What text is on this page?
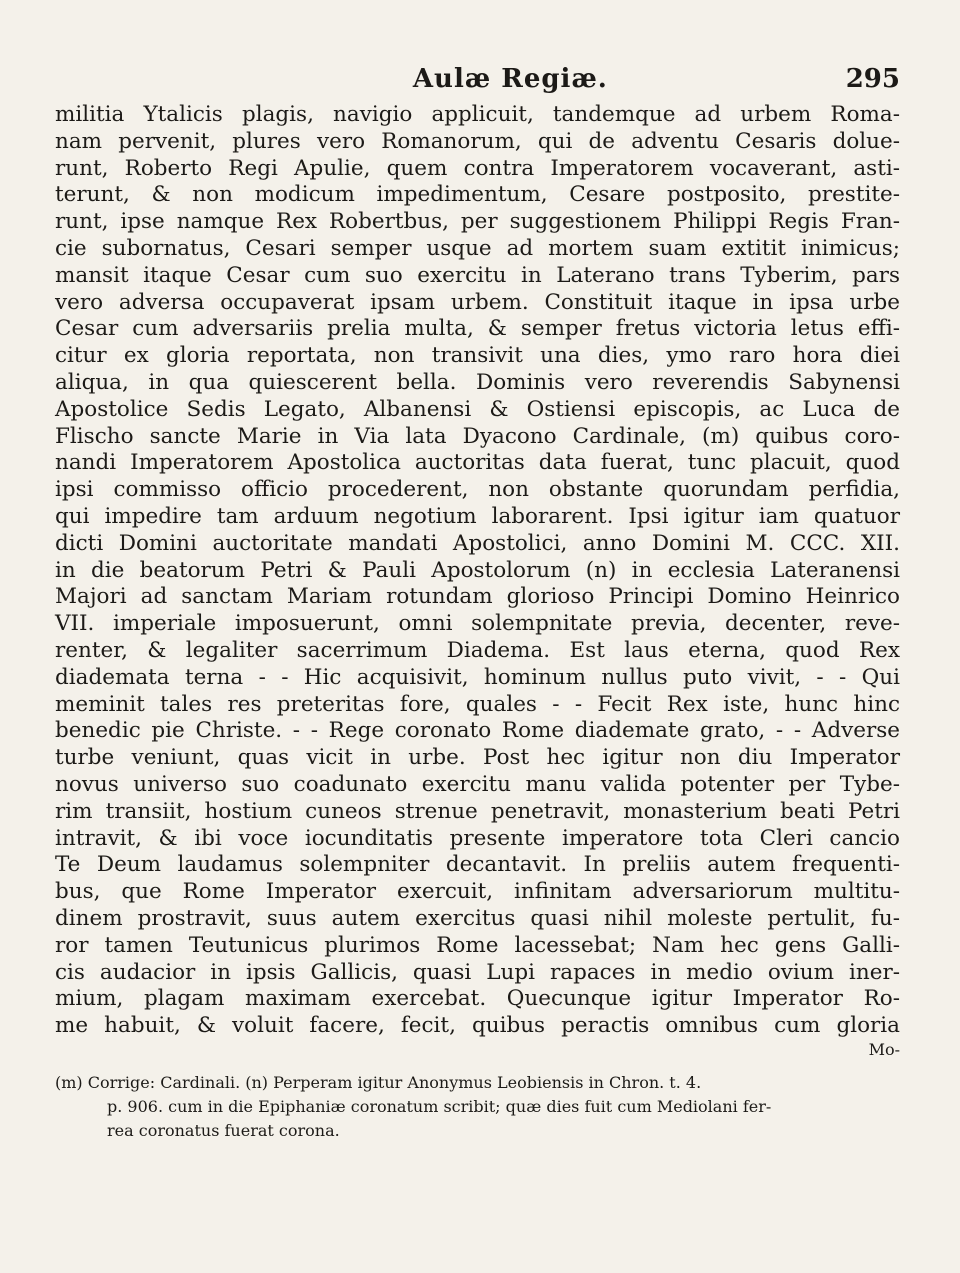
Aulæ Regiæ.	295
militia Ytalicis plagis, navigio applicuit, tandemque ad urbem Roma-
nam pervenit, plures vero Romanorum, qui de adventu Cesaris dolue-
runt, Roberto Regi Apulie, quem contra Imperatorem vocaverant, asti-
terunt, & non modicum impedimentum, Cesare postposito, prestite-
runt, ipse namque Rex Robertbus, per suggestionem Philippi Regis Fran-
cie subornatus, Cesari semper usque ad mortem suam extitit inimicus;
mansit itaque Cesar cum suo exercitu in Laterano trans Tyberim, pars
vero adversa occupaverat ipsam urbem. Constituit itaque in ipsa urbe
Cesar cum adversariis prelia multa, & semper fretus victoria letus effi-
citur ex gloria reportata, non transivit una dies, ymo raro hora diei
aliqua, in qua quiescerent bella. Dominis vero reverendis Sabynensi
Apostolice Sedis Legato, Albanensi & Ostiensi episcopis, ac Luca de
Flischo sancte Marie in Via lata Dyacono Cardinale, (m) quibus coro-
nandi Imperatorem Apostolica auctoritas data fuerat, tunc placuit, quod
ipsi commisso officio procederent, non obstante quorundam perfidia,
qui impedire tam arduum negotium laborarent. Ipsi igitur iam quatuor
dicti Domini auctoritate mandati Apostolici, anno Domini M. CCC. XII.
in die beatorum Petri & Pauli Apostolorum (n) in ecclesia Lateranensi
Majori ad sanctam Mariam rotundam glorioso Principi Domino Heinrico
VII. imperiale imposuerunt, omni solempnitate previa, decenter, reve-
renter, & legaliter sacerrimum Diadema. Est laus eterna, quod Rex
diademata terna - - Hic acquisivit, hominum nullus puto vivit, - - Qui
meminit tales res preteritas fore, quales - - Fecit Rex iste, hunc hinc
benedic pie Christe. - - Rege coronato Rome diademate grato, - - Adverse
turbe veniunt, quas vicit in urbe. Post hec igitur non diu Imperator
novus universo suo coadunato exercitu manu valida potenter per Tybe-
rim transiit, hostium cuneos strenue penetravit, monasterium beati Petri
intravit, & ibi voce iocunditatis presente imperatore tota Cleri cancio
Te Deum laudamus solempniter decantavit. In preliis autem frequenti-
bus, que Rome Imperator exercuit, infinitam adversariorum multitu-
dinem prostravit, suus autem exercitus quasi nihil moleste pertulit, fu-
ror tamen Teutunicus plurimos Rome lacessebat; Nam hec gens Galli-
cis audacior in ipsis Gallicis, quasi Lupi rapaces in medio ovium iner-
mium, plagam maximam exercebat. Quecunque igitur Imperator Ro-
me habuit, & voluit facere, fecit, quibus peractis omnibus cum gloria
Mo-
(m) Corrige: Cardinali. (n) Perperam igitur Anonymus Leobiensis in Chron. t. 4.
p. 906. cum in die Epiphaniæ coronatum scribit; quæ dies fuit cum Mediolani fer-
rea coronatus fuerat corona.
